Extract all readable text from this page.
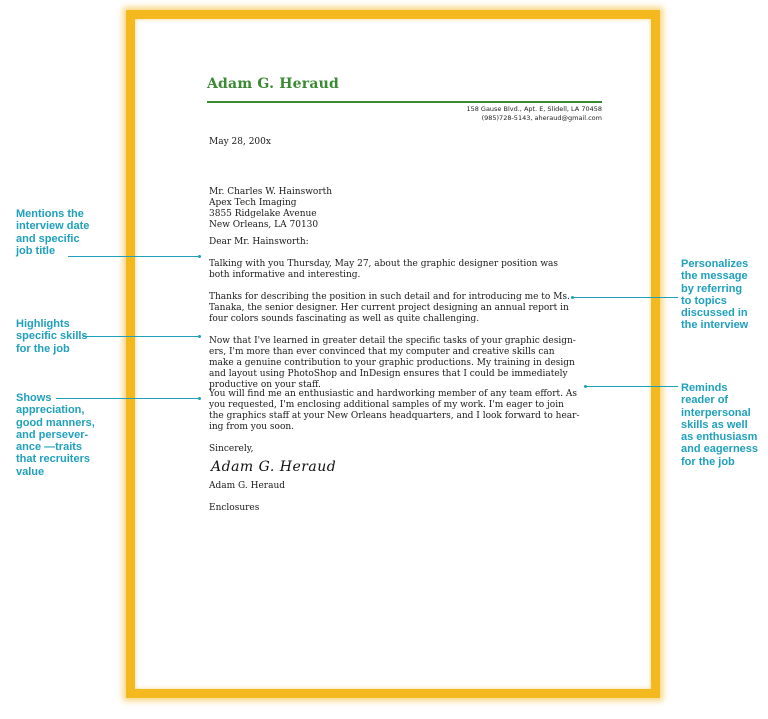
Adam G. Heraud
158 Gause Blvd., Apt. E, Slidell, LA 70458
(985)728-5143, aheraud@gmail.com
May 28, 200x
Mr. Charles W. Hainsworth
Apex Tech Imaging
3855 Ridgelake Avenue
New Orleans, LA 70130
Dear Mr. Hainsworth:
Talking with you Thursday, May 27, about the graphic designer position was
both informative and interesting.
Thanks for describing the position in such detail and for introducing me to Ms.
Tanaka, the senior designer. Her current project designing an annual report in
four colors sounds fascinating as well as quite challenging.
Now that I've learned in greater detail the specific tasks of your graphic design-
ers, I'm more than ever convinced that my computer and creative skills can
make a genuine contribution to your graphic productions. My training in design
and layout using PhotoShop and InDesign ensures that I could be immediately
productive on your staff.
You will find me an enthusiastic and hardworking member of any team effort. As
you requested, I'm enclosing additional samples of my work. I'm eager to join
the graphics staff at your New Orleans headquarters, and I look forward to hear-
ing from you soon.
Sincerely,
Adam G. Heraud
Adam G. Heraud
Enclosures
Mentions the
interview date
and specific
job title
Highlights
specific skills
for the job
Shows
appreciation,
good manners,
and persever-
ance —traits
that recruiters
value
Personalizes
the message
by referring
to topics
discussed in
the interview
Reminds
reader of
interpersonal
skills as well
as enthusiasm
and eagerness
for the job
